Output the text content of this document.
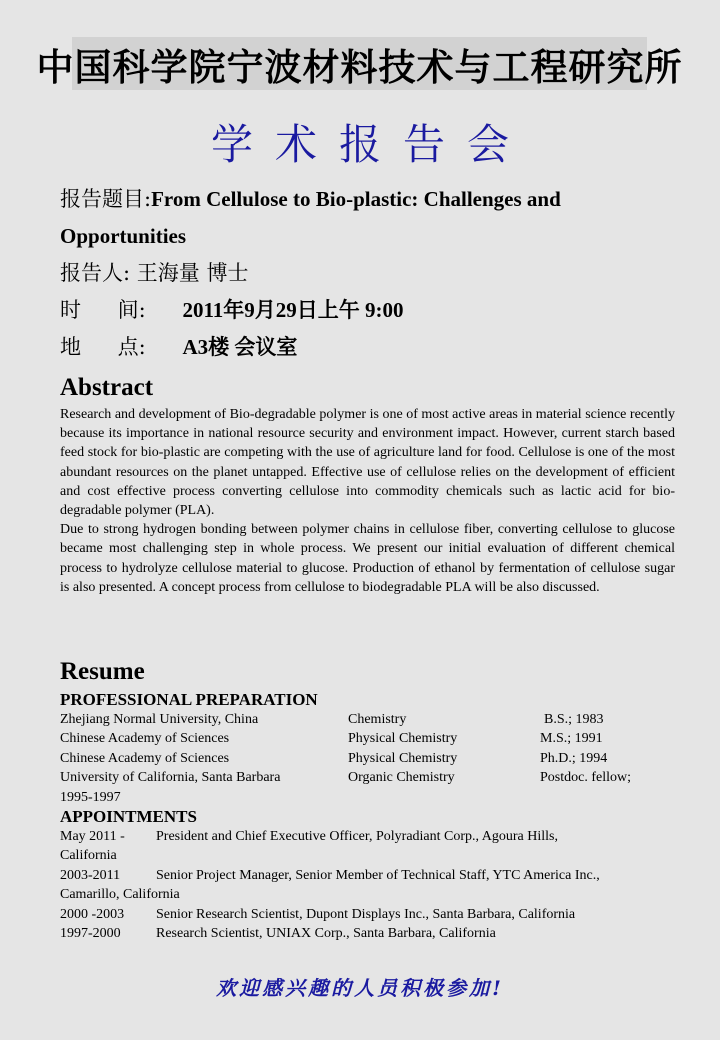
中国科学院宁波材料技术与工程研究所
学术报告会
报告题目: From Cellulose to Bio-plastic: Challenges and
Opportunities
报告人: 王海量 博士
时 间: 2011年9月29日上午 9:00
地 点: A3楼 会议室
Abstract

Research and development of Bio-degradable polymer is one of most active areas in material science recently because its importance in national resource security and environment impact. However, current starch based feed stock for bio-plastic are competing with the use of agriculture land for food. Cellulose is one of the most abundant resources on the planet untapped. Effective use of cellulose relies on the development of efficient and cost effective process converting cellulose into commodity chemicals such as lactic acid for bio-degradable polymer (PLA).

Due to strong hydrogen bonding between polymer chains in cellulose fiber, converting cellulose to glucose became most challenging step in whole process. We present our initial evaluation of different chemical process to hydrolyze cellulose material to glucose. Production of ethanol by fermentation of cellulose sugar is also presented. A concept process from cellulose to biodegradable PLA will be also discussed.

Resume
PROFESSIONAL PREPARATION
Zhejiang Normal University, China	Chemistry	B.S.; 1983
Chinese Academy of Sciences	Physical Chemistry	M.S.; 1991
Chinese Academy of Sciences	Physical Chemistry	Ph.D.; 1994
University of California, Santa Barbara	Organic Chemistry	Postdoc. fellow;
1995-1997
APPOINTMENTS
May 2011 -	President and Chief Executive Officer, Polyradiant Corp., Agoura Hills,
California
2003-2011	Senior Project Manager, Senior Member of Technical Staff, YTC America Inc.,
Camarillo, California
2000 -2003	Senior Research Scientist, Dupont Displays Inc., Santa Barbara, California
1997-2000	Research Scientist, UNIAX Corp., Santa Barbara, California
欢迎感兴趣的人员积极参加!
